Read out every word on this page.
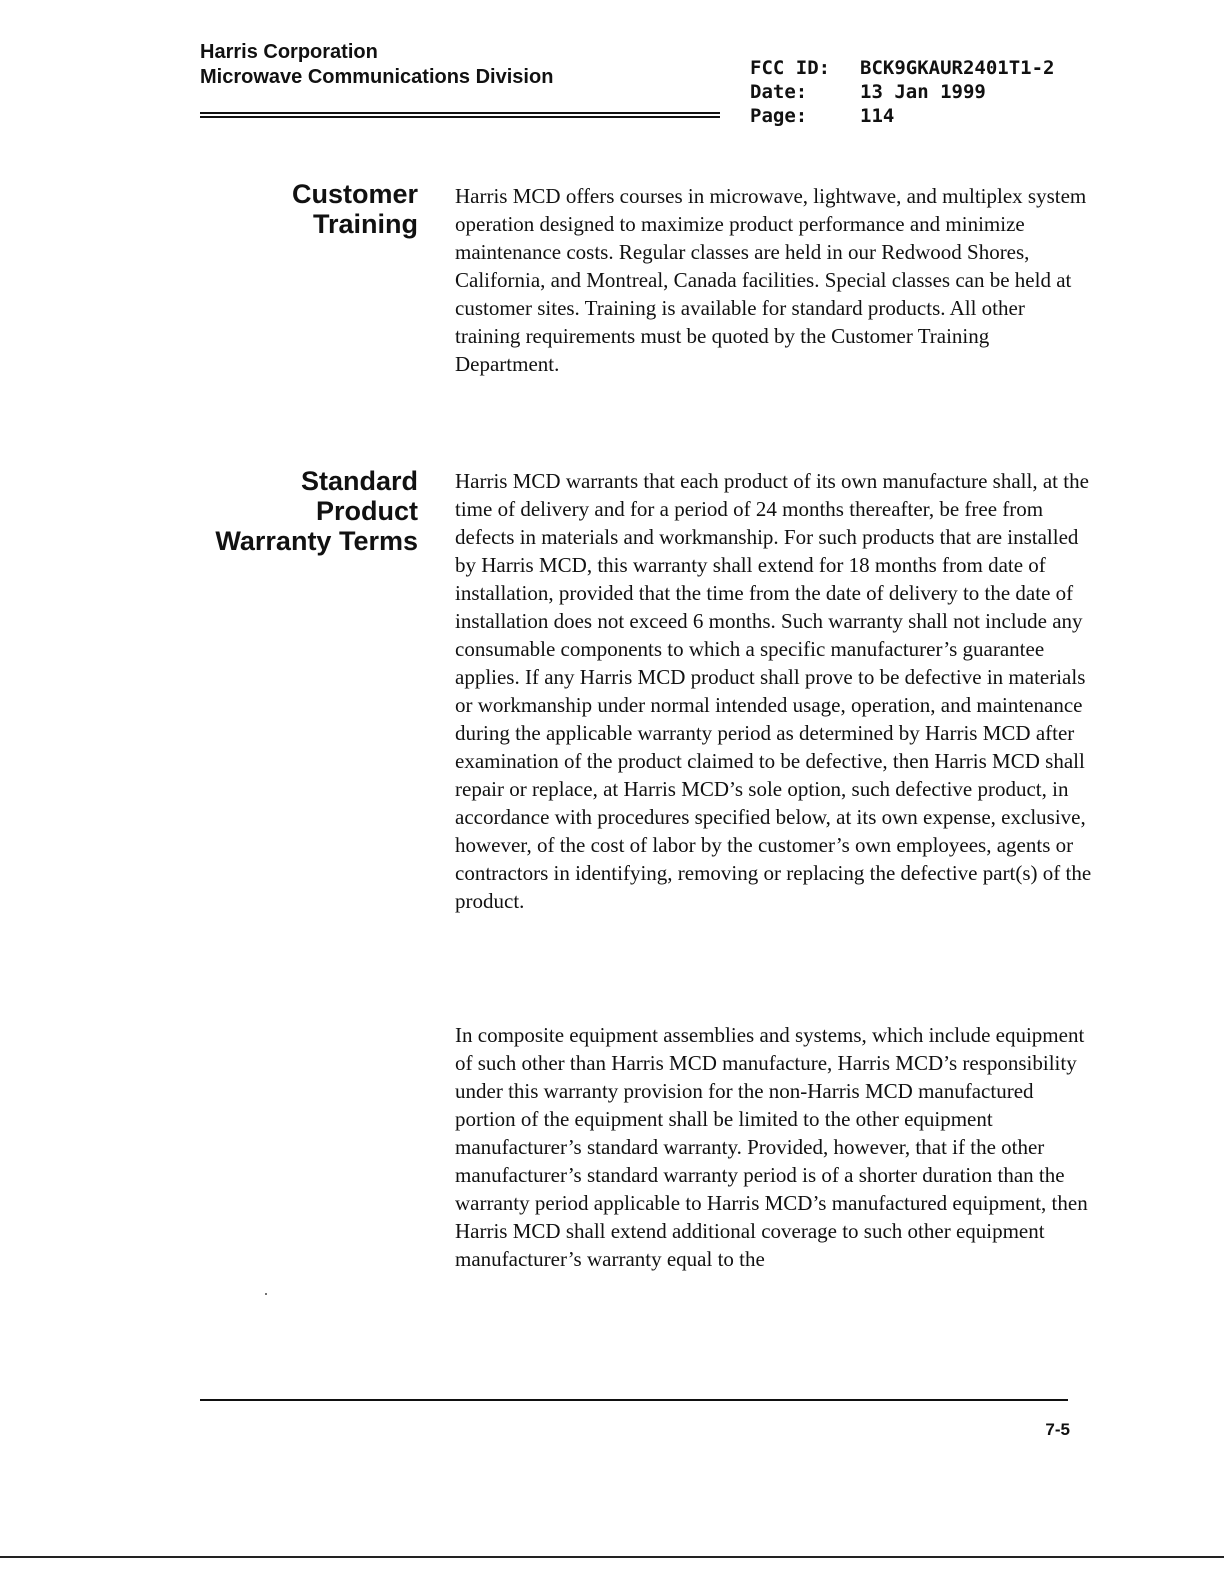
Harris Corporation
Microwave Communications Division	FCC ID:	BCK9GKAUR2401T1-2
Date:	13 Jan 1999
Page:	114
Customer
Training

Harris MCD offers courses in microwave, lightwave, and multiplex system operation designed to maximize product performance and minimize maintenance costs. Regular classes are held in our Redwood Shores, California, and Montreal, Canada facilities. Special classes can be held at customer sites. Training is available for standard products. All other training requirements must be quoted by the Customer Training Department.

Standard
Product
Warranty Terms

Harris MCD warrants that each product of its own manufacture shall, at the time of delivery and for a period of 24 months thereafter, be free from defects in materials and workmanship. For such products that are installed by Harris MCD, this warranty shall extend for 18 months from date of installation, provided that the time from the date of delivery to the date of installation does not exceed 6 months. Such warranty shall not include any consumable components to which a specific manufacturer’s guarantee applies. If any Harris MCD product shall prove to be defective in materials or workmanship under normal intended usage, operation, and maintenance during the applicable warranty period as determined by Harris MCD after examination of the product claimed to be defective, then Harris MCD shall repair or replace, at Harris MCD’s sole option, such defective product, in accordance with procedures specified below, at its own expense, exclusive, however, of the cost of labor by the customer’s own employees, agents or contractors in identifying, removing or replacing the defective part(s) of the product.

In composite equipment assemblies and systems, which include equipment of such other than Harris MCD manufacture, Harris MCD’s responsibility under this warranty provision for the non-Harris MCD manufactured portion of the equipment shall be limited to the other equipment manufacturer’s standard warranty. Provided, however, that if the other manufacturer’s standard warranty period is of a shorter duration than the warranty period applicable to Harris MCD’s manufactured equipment, then Harris MCD shall extend additional coverage to such other equipment manufacturer’s warranty equal to the

7-5
